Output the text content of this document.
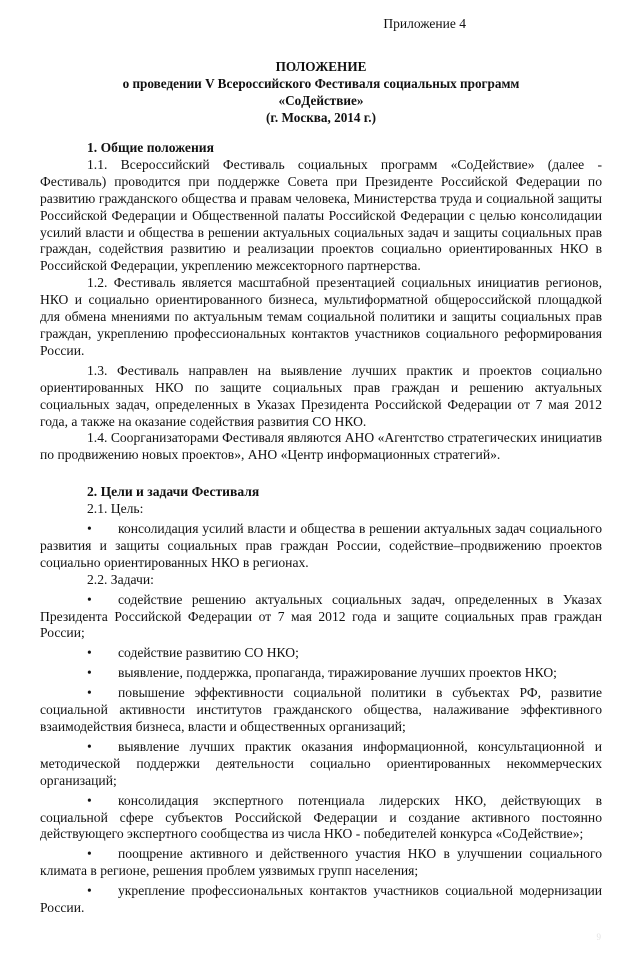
Приложение 4
ПОЛОЖЕНИЕ
о проведении V Всероссийского Фестиваля социальных программ
«СоДействие»
(г. Москва, 2014 г.)

1. Общие положения

1.1. Всероссийский Фестиваль социальных программ «СоДействие» (далее - Фестиваль) проводится при поддержке Совета при Президенте Российской Федерации по развитию гражданского общества и правам человека, Министерства труда и социальной защиты Российской Федерации и Общественной палаты Российской Федерации с целью консолидации усилий власти и общества в решении актуальных социальных задач и защиты социальных прав граждан, содействия развитию и реализации проектов социально ориентированных НКО в Российской Федерации, укреплению межсекторного партнерства.

1.2. Фестиваль является масштабной презентацией социальных инициатив регионов, НКО и социально ориентированного бизнеса, мультиформатной общероссийской площадкой для обмена мнениями по актуальным темам социальной политики и защиты социальных прав граждан, укреплению профессиональных контактов участников социального реформирования России.

1.3. Фестиваль направлен на выявление лучших практик и проектов социально ориентированных НКО по защите социальных прав граждан и решению актуальных социальных задач, определенных в Указах Президента Российской Федерации от 7 мая 2012 года, а также на оказание содействия развития СО НКО.

1.4. Соорганизаторами Фестиваля являются АНО «Агентство стратегических инициатив по продвижению новых проектов», АНО «Центр информационных стратегий».

2. Цели и задачи Фестиваля

2.1. Цель:

• консолидация усилий власти и общества в решении актуальных задач социального развития и защиты социальных прав граждан России, содействие–продвижению проектов социально ориентированных НКО в регионах.

2.2. Задачи:

• содействие решению актуальных социальных задач, определенных в Указах Президента Российской Федерации от 7 мая 2012 года и защите социальных прав граждан России;

• содействие развитию СО НКО;

• выявление, поддержка, пропаганда, тиражирование лучших проектов НКО;

• повышение эффективности социальной политики в субъектах РФ, развитие социальной активности институтов гражданского общества, налаживание эффективного взаимодействия бизнеса, власти и общественных организаций;

• выявление лучших практик оказания информационной, консультационной и методической поддержки деятельности социально ориентированных некоммерческих организаций;

• консолидация экспертного потенциала лидерских НКО, действующих в социальной сфере субъектов Российской Федерации и создание активного постоянно действующего экспертного сообщества из числа НКО - победителей конкурса «СоДействие»;

• поощрение активного и действенного участия НКО в улучшении социального климата в регионе, решения проблем уязвимых групп населения;

• укрепление профессиональных контактов участников социальной модернизации России.

9
